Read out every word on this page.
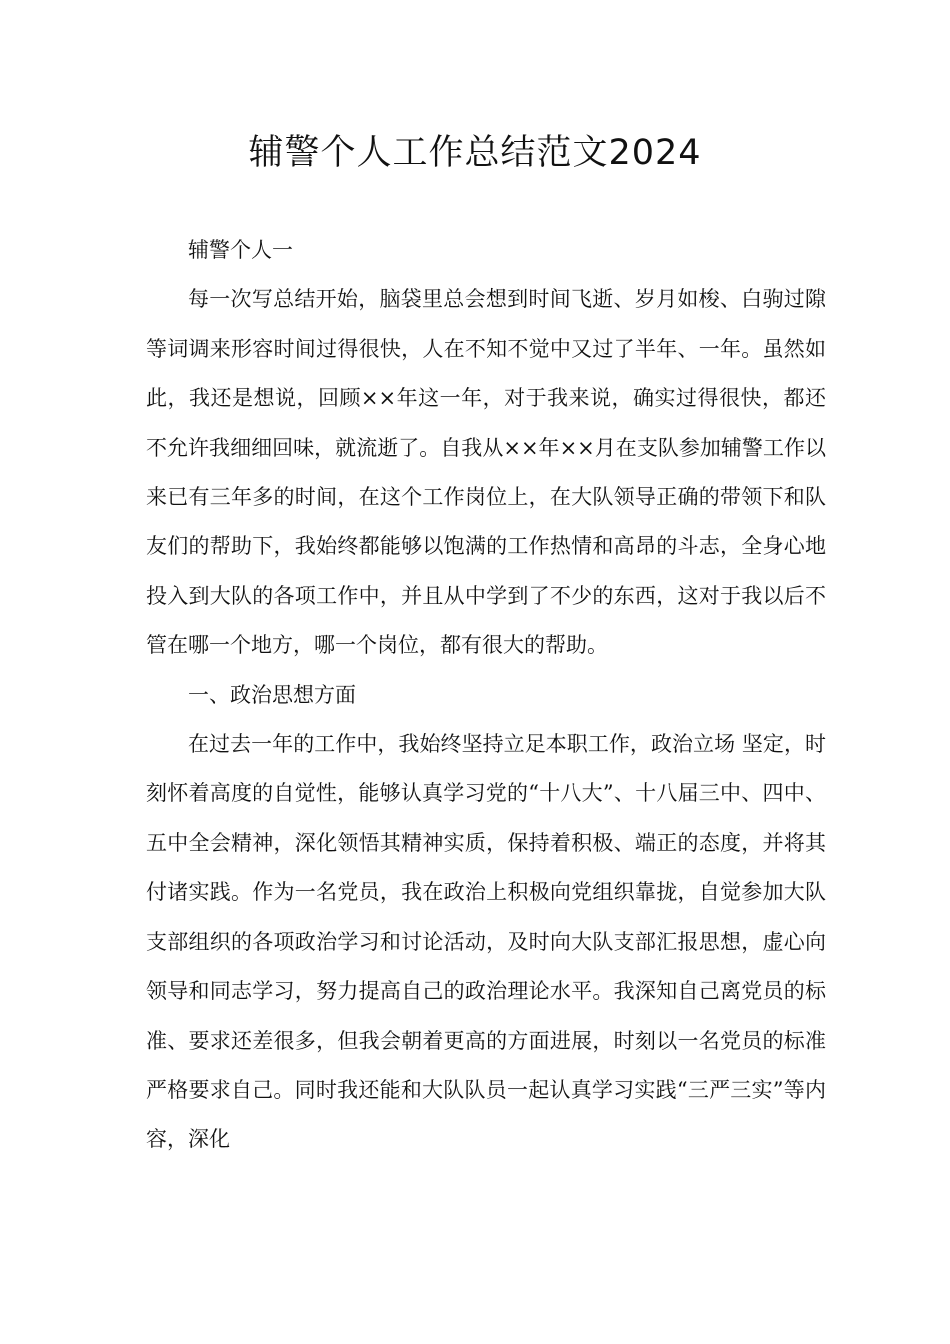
辅警个人工作总结范文2024

辅警个人一

每一次写总结开始，脑袋里总会想到时间飞逝、岁月如梭、白驹过隙等词调来形容时间过得很快，人在不知不觉中又过了半年、一年。虽然如此，我还是想说，回顾××年这一年，对于我来说，确实过得很快，都还不允许我细细回味，就流逝了。自我从××年××月在支队参加辅警工作以来已有三年多的时间，在这个工作岗位上，在大队领导正确的带领下和队友们的帮助下，我始终都能够以饱满的工作热情和高昂的斗志，全身心地投入到大队的各项工作中，并且从中学到了不少的东西，这对于我以后不管在哪一个地方，哪一个岗位，都有很大的帮助。

一、政治思想方面

在过去一年的工作中，我始终坚持立足本职工作，政治立场 坚定，时刻怀着高度的自觉性，能够认真学习党的“十八大”、十八届三中、四中、五中全会精神，深化领悟其精神实质，保持着积极、端正的态度，并将其付诸实践。作为一名党员，我在政治上积极向党组织靠拢，自觉参加大队支部组织的各项政治学习和讨论活动，及时向大队支部汇报思想，虚心向领导和同志学习，努力提高自己的政治理论水平。我深知自己离党员的标准、要求还差很多，但我会朝着更高的方面进展，时刻以一名党员的标准严格要求自己。同时我还能和大队队员一起认真学习实践“三严三实”等内容，深化
